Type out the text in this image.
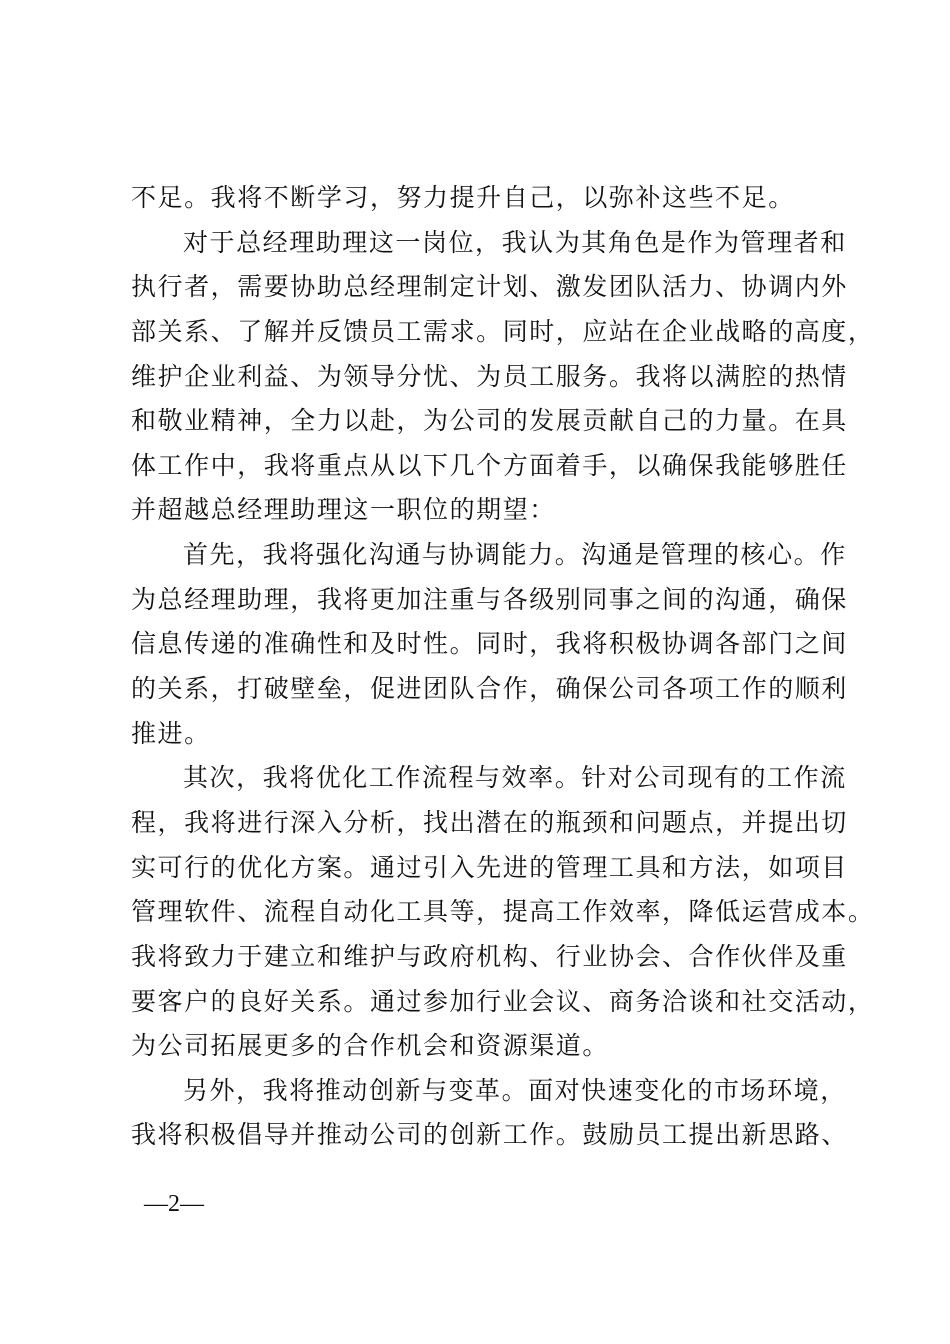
不足。我将不断学习，努力提升自己，以弥补这些不足。
对于总经理助理这一岗位，我认为其角色是作为管理者和
执行者，需要协助总经理制定计划、激发团队活力、协调内外
部关系、了解并反馈员工需求。同时，应站在企业战略的高度，
维护企业利益、为领导分忧、为员工服务。我将以满腔的热情
和敬业精神，全力以赴，为公司的发展贡献自己的力量。在具
体工作中，我将重点从以下几个方面着手，以确保我能够胜任
并超越总经理助理这一职位的期望：
首先，我将强化沟通与协调能力。沟通是管理的核心。作
为总经理助理，我将更加注重与各级别同事之间的沟通，确保
信息传递的准确性和及时性。同时，我将积极协调各部门之间
的关系，打破壁垒，促进团队合作，确保公司各项工作的顺利
推进。
其次，我将优化工作流程与效率。针对公司现有的工作流
程，我将进行深入分析，找出潜在的瓶颈和问题点，并提出切
实可行的优化方案。通过引入先进的管理工具和方法，如项目
管理软件、流程自动化工具等，提高工作效率，降低运营成本。
我将致力于建立和维护与政府机构、行业协会、合作伙伴及重
要客户的良好关系。通过参加行业会议、商务洽谈和社交活动，
为公司拓展更多的合作机会和资源渠道。
另外，我将推动创新与变革。面对快速变化的市场环境，
我将积极倡导并推动公司的创新工作。鼓励员工提出新思路、
—2—
